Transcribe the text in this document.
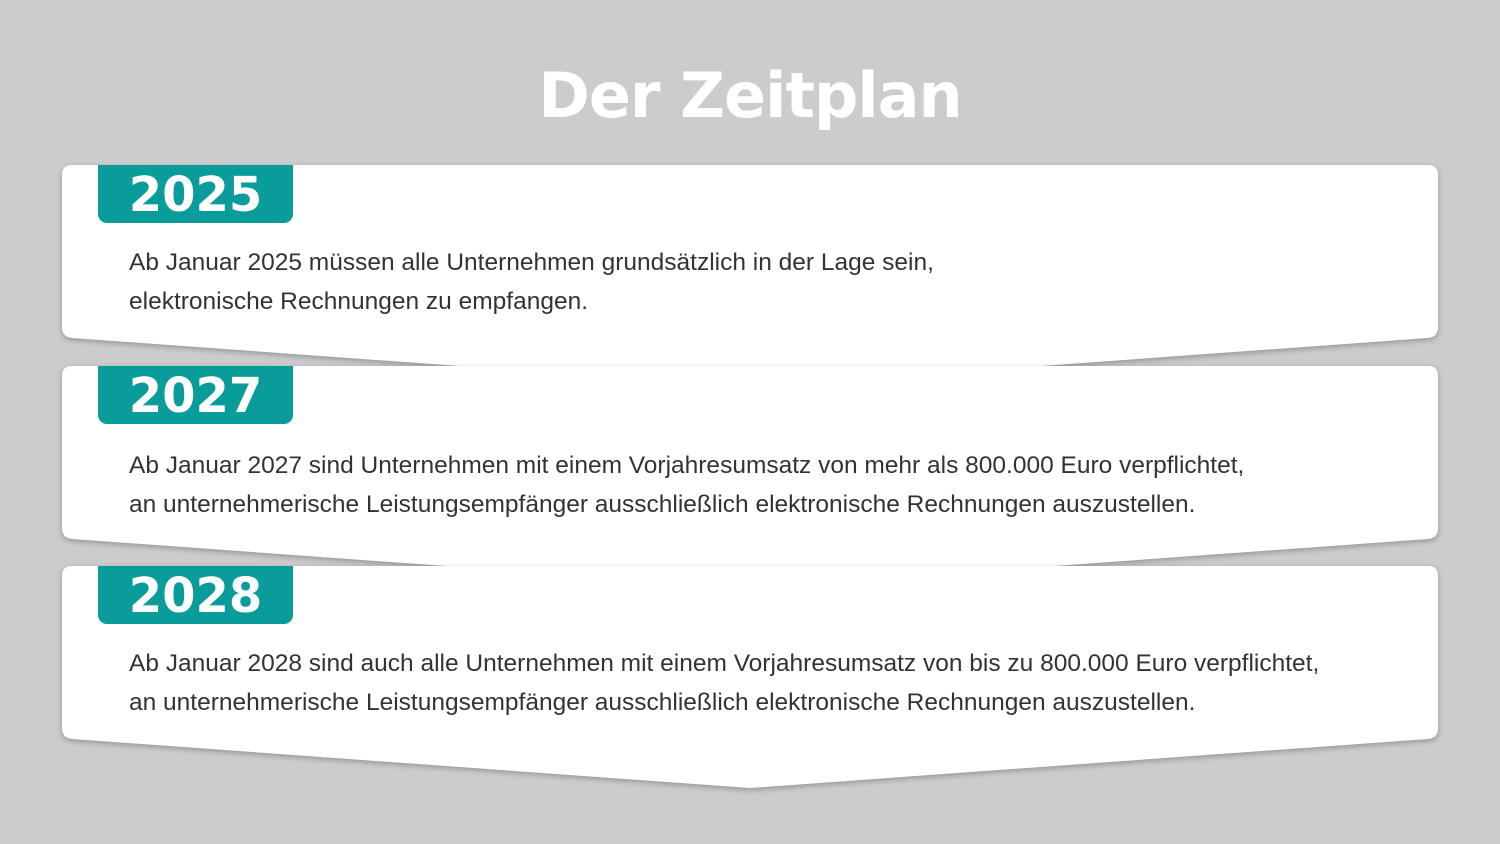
Der Zeitplan
2025
Ab Januar 2025 müssen alle Unternehmen grundsätzlich in der Lage sein,
elektronische Rechnungen zu empfangen.
2027
Ab Januar 2027 sind Unternehmen mit einem Vorjahresumsatz von mehr als 800.000 Euro verpflichtet,
an unternehmerische Leistungsempfänger ausschließlich elektronische Rechnungen auszustellen.
2028
Ab Januar 2028 sind auch alle Unternehmen mit einem Vorjahresumsatz von bis zu 800.000 Euro verpflichtet,
an unternehmerische Leistungsempfänger ausschließlich elektronische Rechnungen auszustellen.
